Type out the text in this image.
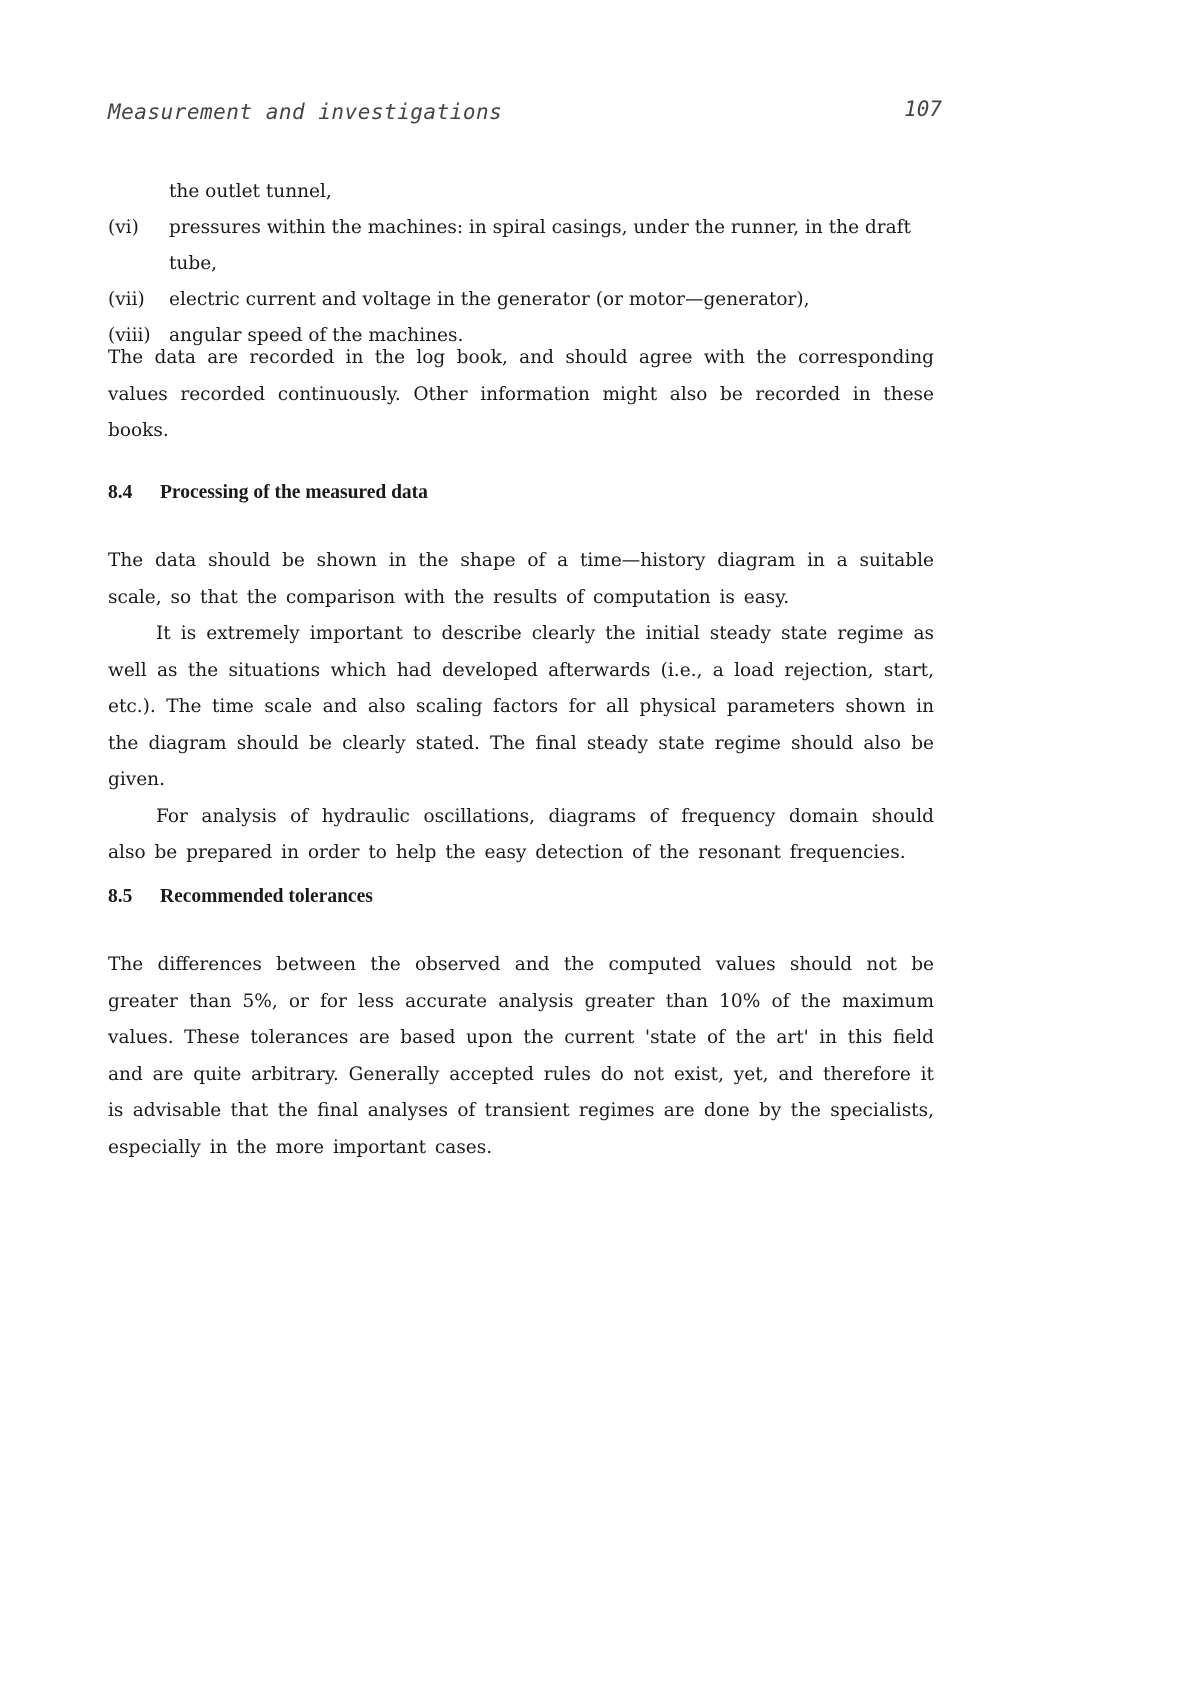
Measurement and investigations	107
the outlet tunnel,
(vi)	pressures within the machines: in spiral casings, under the runner, in the draft tube,
(vii)	electric current and voltage in the generator (or motor—generator),
(viii) angular speed of the machines.

The data are recorded in the log book, and should agree with the corresponding values recorded continuously. Other information might also be recorded in these books.

8.4 Processing of the measured data

The data should be shown in the shape of a time—history diagram in a suitable scale, so that the comparison with the results of computation is easy.

It is extremely important to describe clearly the initial steady state regime as well as the situations which had developed afterwards (i.e., a load rejection, start, etc.). The time scale and also scaling factors for all physical parameters shown in the diagram should be clearly stated. The final steady state regime should also be given.

For analysis of hydraulic oscillations, diagrams of frequency domain should also be prepared in order to help the easy detection of the resonant frequencies.

8.5 Recommended tolerances

The differences between the observed and the computed values should not be greater than 5%, or for less accurate analysis greater than 10% of the maximum values. These tolerances are based upon the current 'state of the art' in this field and are quite arbitrary. Generally accepted rules do not exist, yet, and therefore it is advisable that the final analyses of transient regimes are done by the specialists, especially in the more important cases.
